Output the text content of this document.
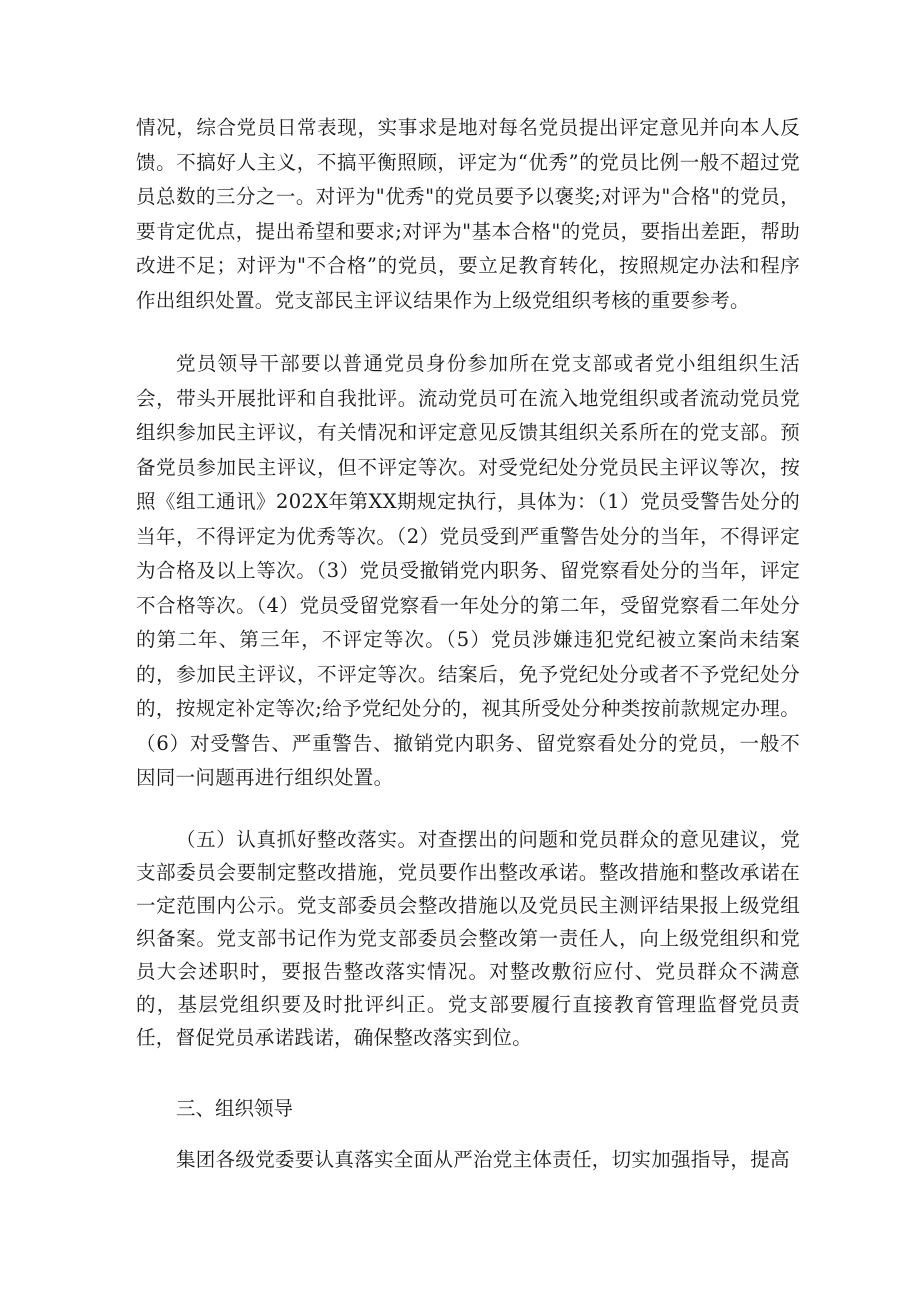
情况，综合党员日常表现，实事求是地对每名党员提出评定意见并向本人反馈。不搞好人主义，不搞平衡照顾，评定为“优秀”的党员比例一般不超过党员总数的三分之一。对评为"优秀"的党员要予以褒奖;对评为"合格"的党员，要肯定优点，提出希望和要求;对评为"基本合格"的党员，要指出差距，帮助改进不足；对评为"不合格”的党员，要立足教育转化，按照规定办法和程序作出组织处置。党支部民主评议结果作为上级党组织考核的重要参考。

党员领导干部要以普通党员身份参加所在党支部或者党小组组织生活会，带头开展批评和自我批评。流动党员可在流入地党组织或者流动党员党组织参加民主评议，有关情况和评定意见反馈其组织关系所在的党支部。预备党员参加民主评议，但不评定等次。对受党纪处分党员民主评议等次，按照《组工通讯》202X年第XX期规定执行，具体为：（1）党员受警告处分的当年，不得评定为优秀等次。（2）党员受到严重警告处分的当年，不得评定为合格及以上等次。（3）党员受撤销党内职务、留党察看处分的当年，评定不合格等次。（4）党员受留党察看一年处分的第二年，受留党察看二年处分的第二年、第三年，不评定等次。（5）党员涉嫌违犯党纪被立案尚未结案的，参加民主评议，不评定等次。结案后，免予党纪处分或者不予党纪处分的，按规定补定等次;给予党纪处分的，视其所受处分种类按前款规定办理。（6）对受警告、严重警告、撤销党内职务、留党察看处分的党员，一般不因同一问题再进行组织处置。

（五）认真抓好整改落实。对查摆出的问题和党员群众的意见建议，党支部委员会要制定整改措施，党员要作出整改承诺。整改措施和整改承诺在一定范围内公示。党支部委员会整改措施以及党员民主测评结果报上级党组织备案。党支部书记作为党支部委员会整改第一责任人，向上级党组织和党员大会述职时，要报告整改落实情况。对整改敷衍应付、党员群众不满意的，基层党组织要及时批评纠正。党支部要履行直接教育管理监督党员责任，督促党员承诺践诺，确保整改落实到位。

三、组织领导

集团各级党委要认真落实全面从严治党主体责任，切实加强指导，提高
